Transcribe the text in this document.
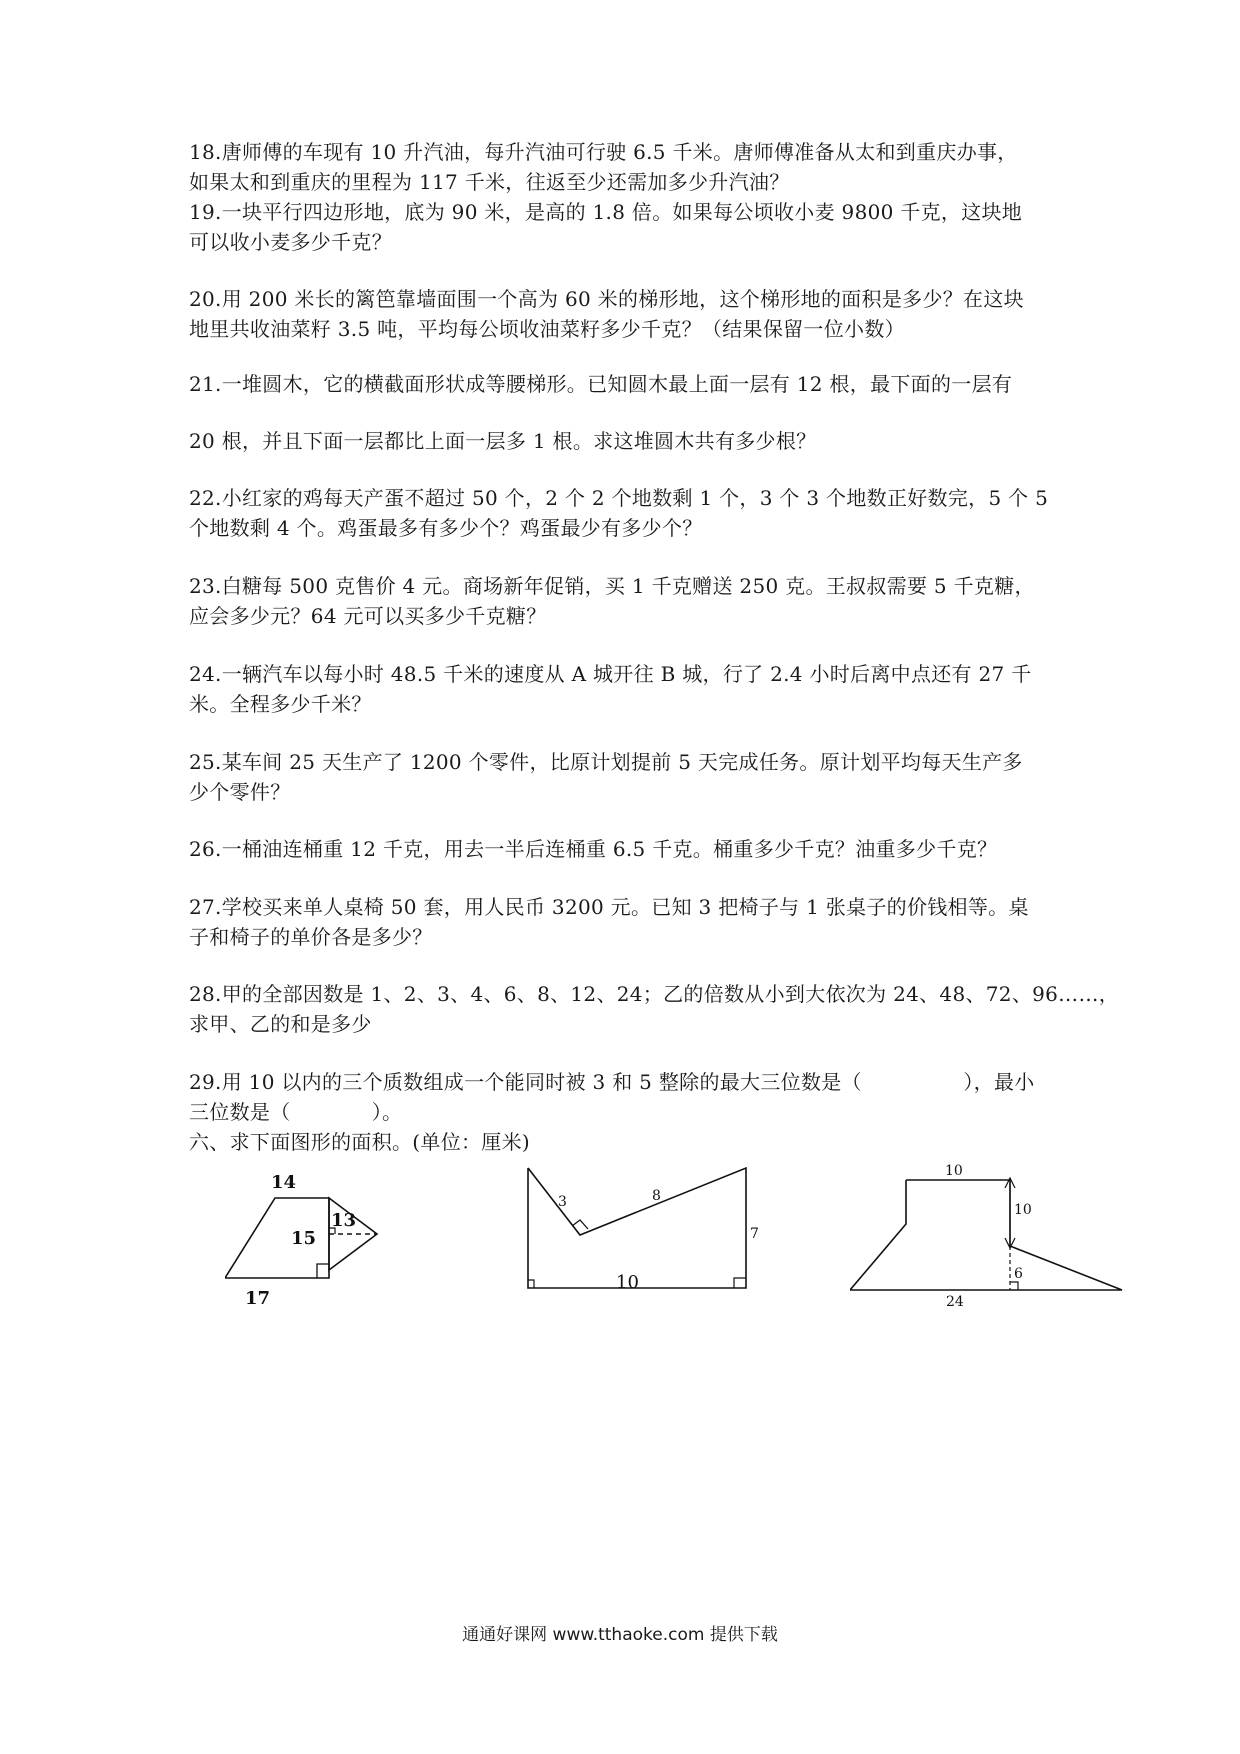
18.唐师傅的车现有 10 升汽油，每升汽油可行驶 6.5 千米。唐师傅准备从太和到重庆办事，
如果太和到重庆的里程为 117 千米，往返至少还需加多少升汽油？
19.一块平行四边形地，底为 90 米，是高的 1.8 倍。如果每公顷收小麦 9800 千克，这块地
可以收小麦多少千克？
20.用 200 米长的篱笆靠墙面围一个高为 60 米的梯形地，这个梯形地的面积是多少？在这块
地里共收油菜籽 3.5 吨，平均每公顷收油菜籽多少千克？（结果保留一位小数）
21.一堆圆木，它的横截面形状成等腰梯形。已知圆木最上面一层有 12 根，最下面的一层有
20 根，并且下面一层都比上面一层多 1 根。求这堆圆木共有多少根？
22.小红家的鸡每天产蛋不超过 50 个，2 个 2 个地数剩 1 个，3 个 3 个地数正好数完，5 个 5
个地数剩 4 个。鸡蛋最多有多少个？鸡蛋最少有多少个？
23.白糖每 500 克售价 4 元。商场新年促销，买 1 千克赠送 250 克。王叔叔需要 5 千克糖，
应会多少元？64 元可以买多少千克糖？
24.一辆汽车以每小时 48.5 千米的速度从 A 城开往 B 城，行了 2.4 小时后离中点还有 27 千
米。全程多少千米？
25.某车间 25 天生产了 1200 个零件，比原计划提前 5 天完成任务。原计划平均每天生产多
少个零件？
26.一桶油连桶重 12 千克，用去一半后连桶重 6.5 千克。桶重多少千克？油重多少千克？
27.学校买来单人桌椅 50 套，用人民币 3200 元。已知 3 把椅子与 1 张桌子的价钱相等。桌
子和椅子的单价各是多少？
28.甲的全部因数是 1、2、3、4、6、8、12、24；乙的倍数从小到大依次为 24、48、72、96……，
求甲、乙的和是多少
29.用 10 以内的三个质数组成一个能同时被 3 和 5 整除的最大三位数是（　　　　　），最小
三位数是（　　　　）。
六、求下面图形的面积。(单位：厘米)
14
15
13
17
3	8
7
10
10
10
6
24
通通好课网 www.tthaoke.com 提供下载
